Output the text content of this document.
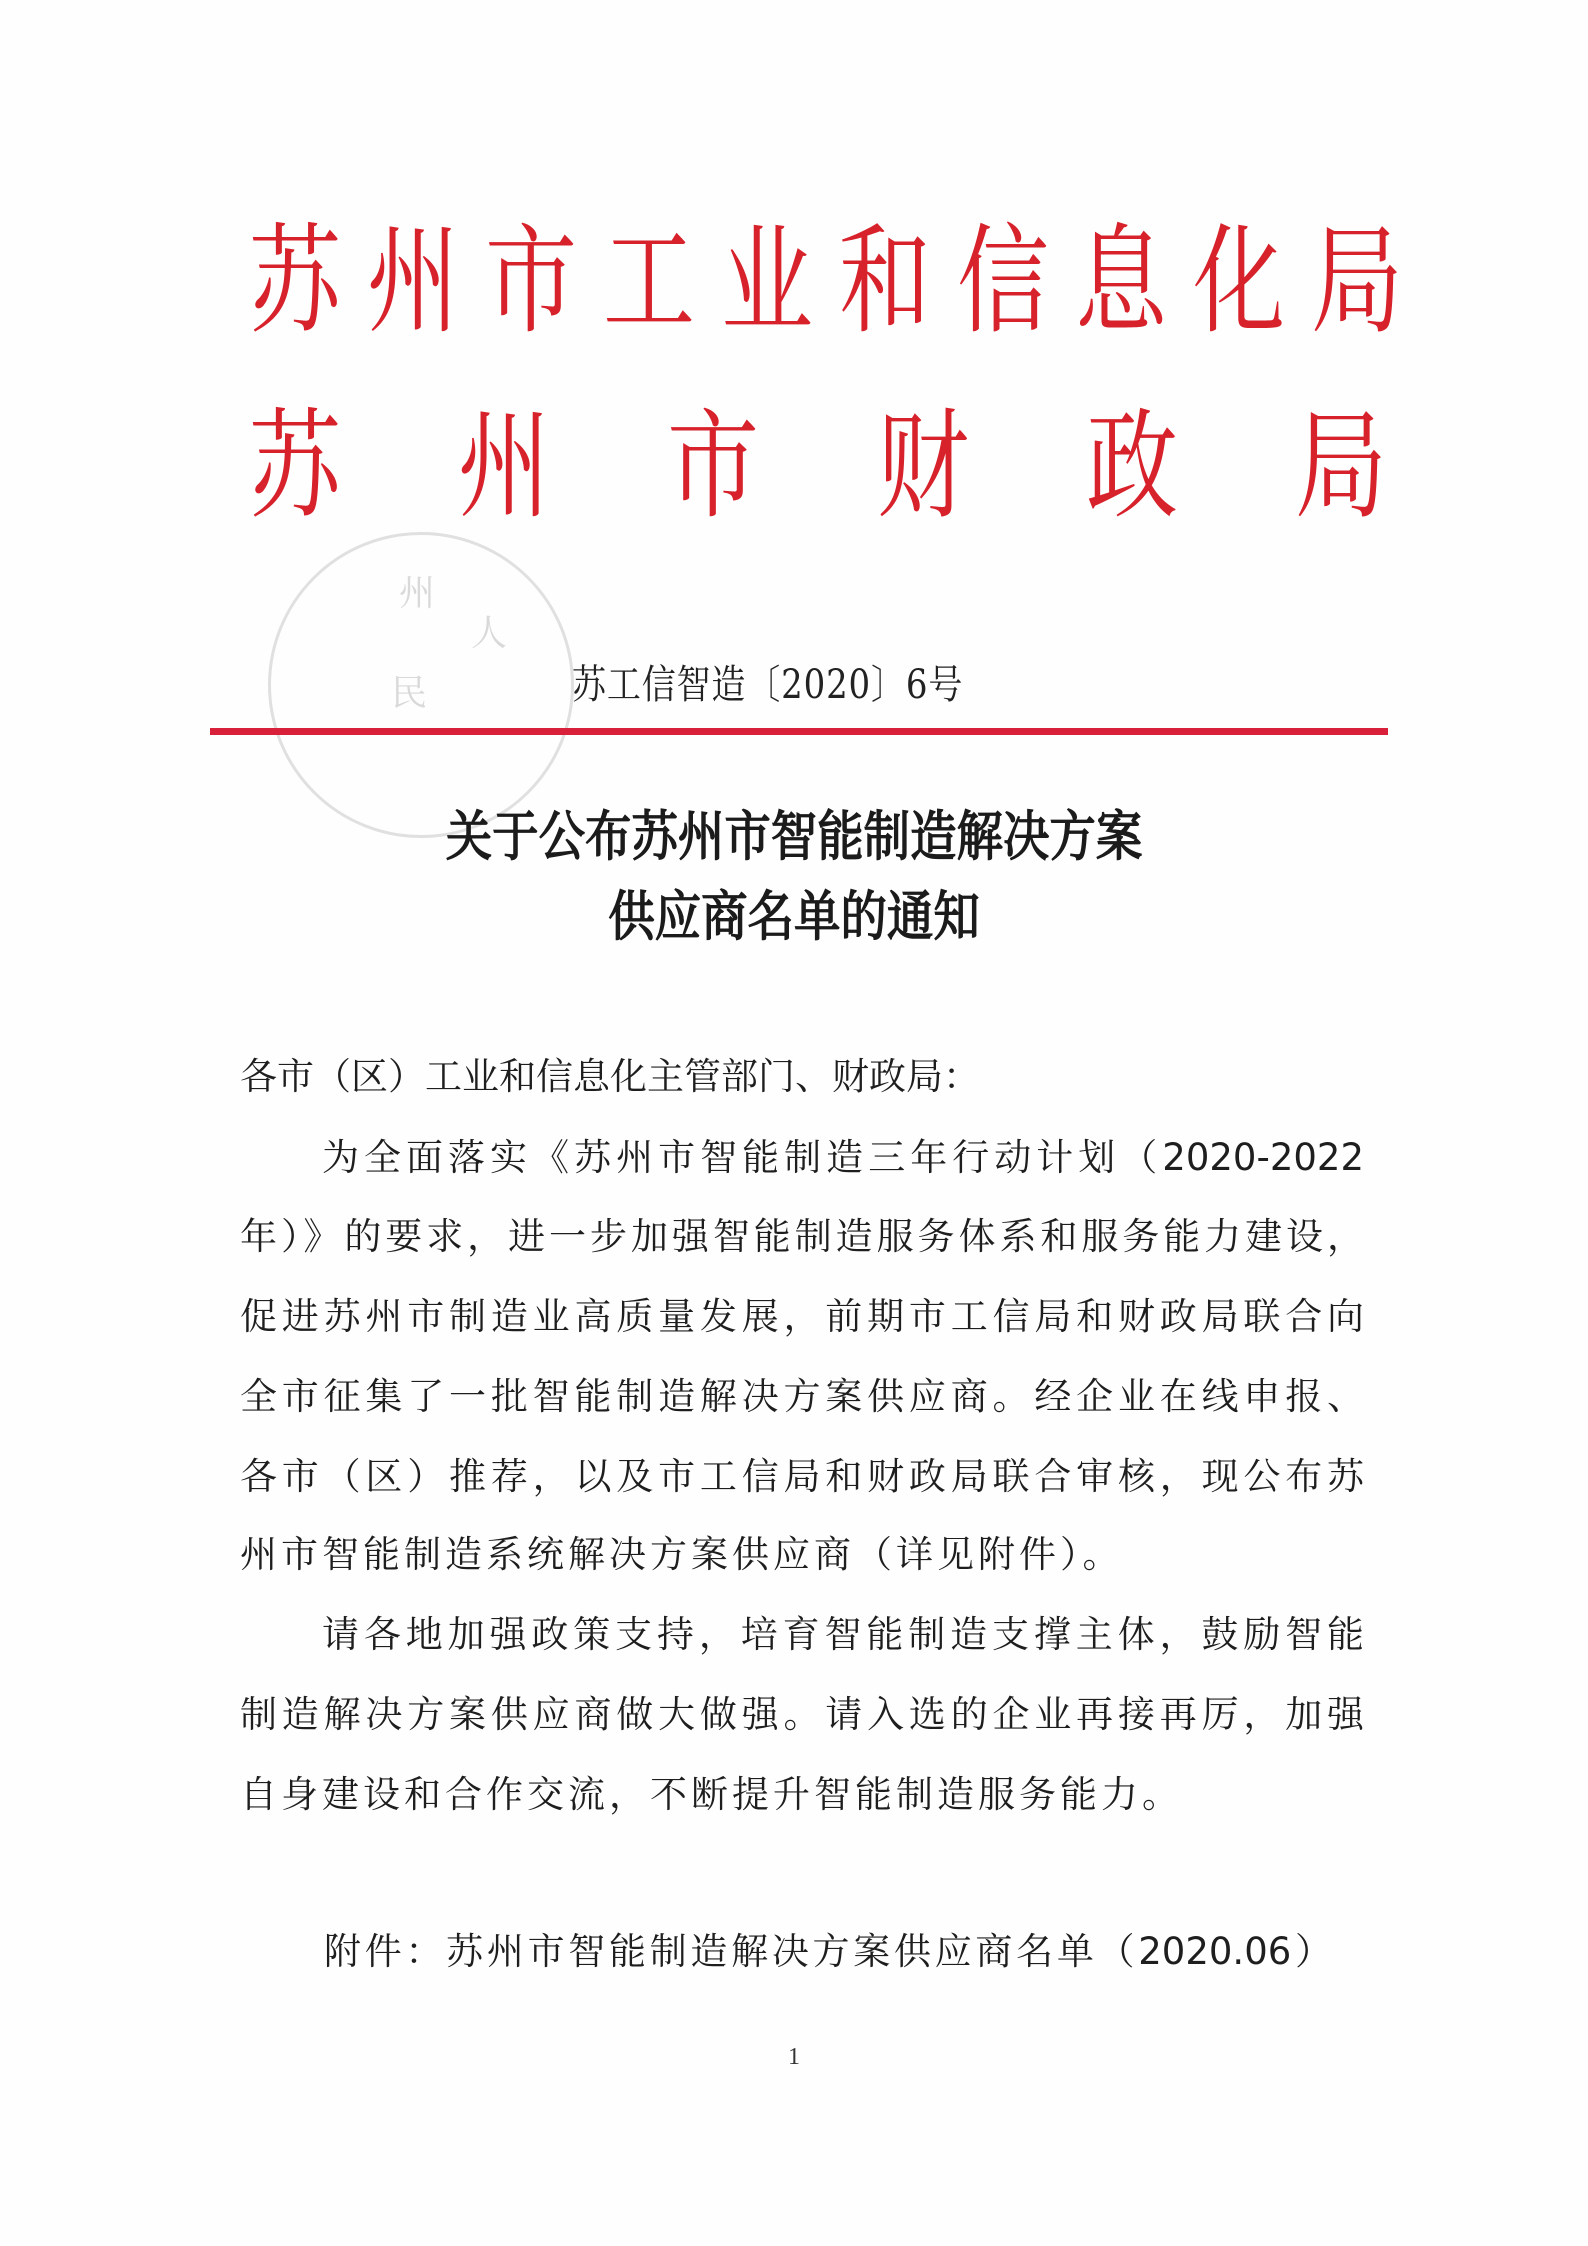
苏 州 市 工 业 和 信 息 化 局
苏 州 市 财 政 局
州
人
民	苏工信智造〔2020〕6号
关于公布苏州市智能制造解决方案
供应商名单的通知
各市（区）工业和信息化主管部门、财政局：
为全面落实《苏州市智能制造三年行动计划（2020-2022
年）》的要求，进一步加强智能制造服务体系和服务能力建设，
促进苏州市制造业高质量发展，前期市工信局和财政局联合向
全市征集了一批智能制造解决方案供应商。经企业在线申报、
各市（区）推荐，以及市工信局和财政局联合审核，现公布苏
州市智能制造系统解决方案供应商（详见附件）。
请各地加强政策支持，培育智能制造支撑主体，鼓励智能
制造解决方案供应商做大做强。请入选的企业再接再厉，加强
自身建设和合作交流，不断提升智能制造服务能力。
附件：苏州市智能制造解决方案供应商名单（2020.06）
1
